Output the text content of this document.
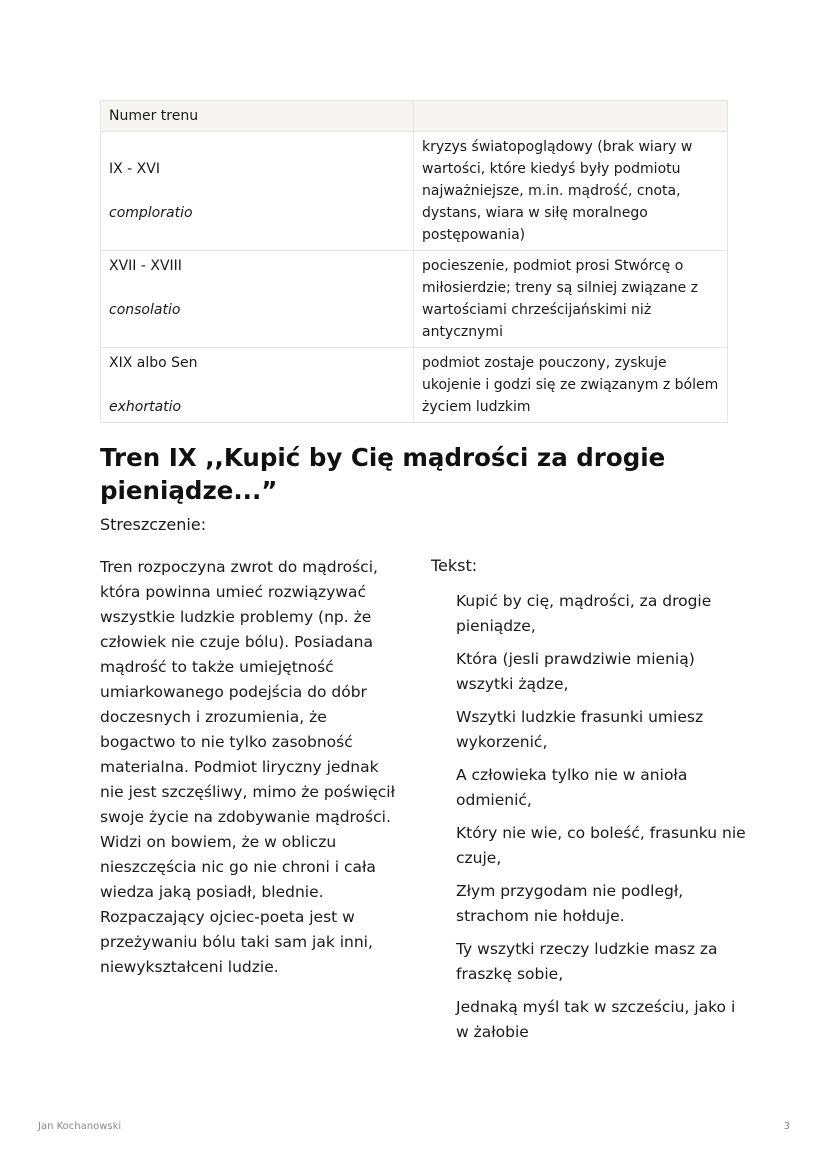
Numer trenu	

IX - XVI
comploratio	kryzys światopoglądowy (brak wiary w wartości, które kiedyś były podmiotu najważniejsze, m.in. mądrość, cnota, dystans, wiara w siłę moralnego postępowania)

XVII - XVIII
consolatio	pocieszenie, podmiot prosi Stwórcę o miłosierdzie; treny są silniej związane z wartościami chrześcijańskimi niż antycznymi

XIX albo Sen
exhortatio	podmiot zostaje pouczony, zyskuje ukojenie i godzi się ze związanym z bólem życiem ludzkim
Tren IX ,,Kupić by Cię mądrości za drogie pieniądze...”
Streszczenie:

Tren rozpoczyna zwrot do mądrości, która powinna umieć rozwiązywać wszystkie ludzkie problemy (np. że człowiek nie czuje bólu). Posiadana mądrość to także umiejętność umiarkowanego podejścia do dóbr doczesnych i zrozumienia, że bogactwo to nie tylko zasobność materialna. Podmiot liryczny jednak nie jest szczęśliwy, mimo że poświęcił swoje życie na zdobywanie mądrości. Widzi on bowiem, że w obliczu nieszczęścia nic go nie chroni i cała wiedza jaką posiadł, blednie. Rozpaczający ojciec-poeta jest w przeżywaniu bólu taki sam jak inni, niewykształceni ludzie.

Tekst:
Kupić by cię, mądrości, za drogie pieniądze,
Która (jesli prawdziwie mienią) wszytki żądze,
Wszytki ludzkie frasunki umiesz wykorzenić,
A człowieka tylko nie w anioła odmienić,
Który nie wie, co boleść, frasunku nie czuje,
Złym przygodam nie podległ, strachom nie hołduje.
Ty wszytki rzeczy ludzkie masz za fraszkę sobie,
Jednaką myśl tak w szcześciu, jako i w żałobie
Jan Kochanowski	3
